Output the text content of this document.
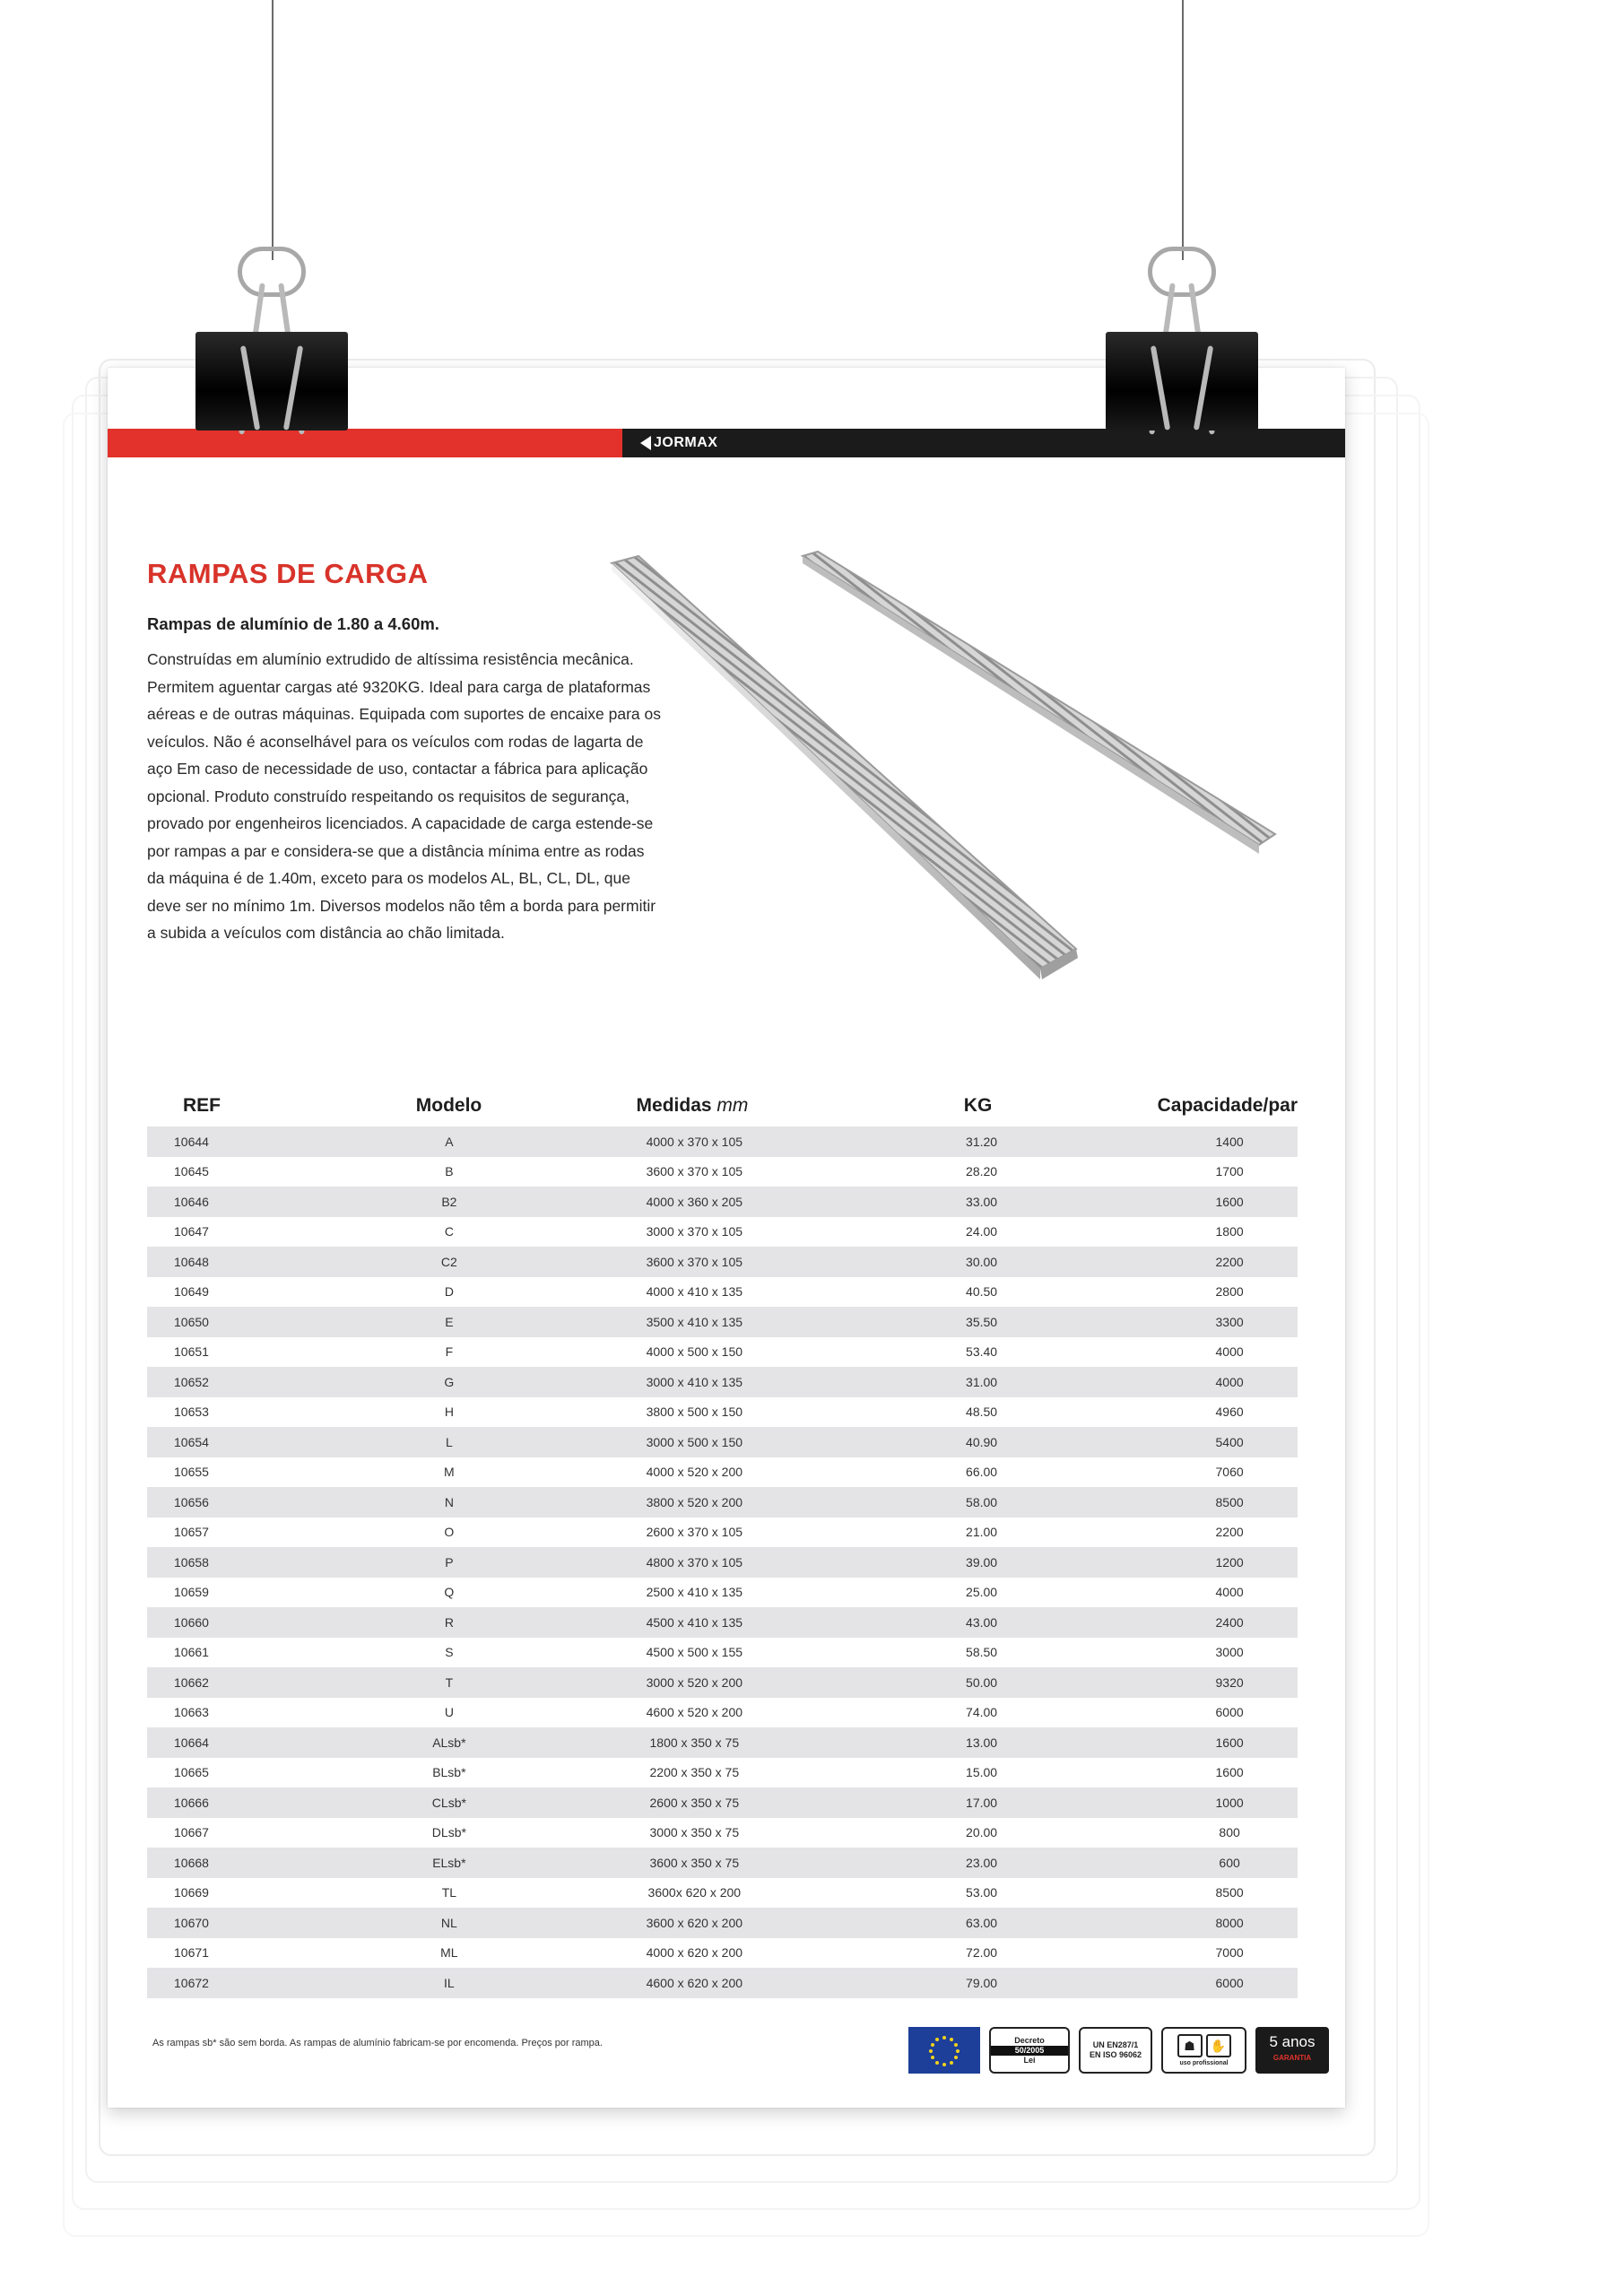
JORMAX
RAMPAS DE CARGA
Rampas de alumínio de 1.80 a 4.60m.

Construídas em alumínio extrudido de altíssima resistência mecânica. Permitem aguentar cargas até 9320KG. Ideal para carga de plataformas aéreas e de outras máquinas. Equipada com suportes de encaixe para os veículos. Não é aconselhável para os veículos com rodas de lagarta de aço Em caso de necessidade de uso, contactar a fábrica para aplicação opcional. Produto construído respeitando os requisitos de segurança, provado por engenheiros licenciados. A capacidade de carga estende-se por rampas a par e considera-se que a distância mínima entre as rodas da máquina é de 1.40m, exceto para os modelos AL, BL, CL, DL, que deve ser no mínimo 1m. Diversos modelos não têm a borda para permitir a subida a veículos com distância ao chão limitada.

REF	Modelo	Medidas mm	KG	Capacidade/par
10644	A	4000 x 370 x 105	31.20	1400
10645	B	3600 x 370 x 105	28.20	1700
10646	B2	4000 x 360 x 205	33.00	1600
10647	C	3000 x 370 x 105	24.00	1800
10648	C2	3600 x 370 x 105	30.00	2200
10649	D	4000 x 410 x 135	40.50	2800
10650	E	3500 x 410 x 135	35.50	3300
10651	F	4000 x 500 x 150	53.40	4000
10652	G	3000 x 410 x 135	31.00	4000
10653	H	3800 x 500 x 150	48.50	4960
10654	L	3000 x 500 x 150	40.90	5400
10655	M	4000 x 520 x 200	66.00	7060
10656	N	3800 x 520 x 200	58.00	8500
10657	O	2600 x 370 x 105	21.00	2200
10658	P	4800 x 370 x 105	39.00	1200
10659	Q	2500 x 410 x 135	25.00	4000
10660	R	4500 x 410 x 135	43.00	2400
10661	S	4500 x 500 x 155	58.50	3000
10662	T	3000 x 520 x 200	50.00	9320
10663	U	4600 x 520 x 200	74.00	6000
10664	ALsb*	1800 x 350 x 75	13.00	1600
10665	BLsb*	2200 x 350 x 75	15.00	1600
10666	CLsb*	2600 x 350 x 75	17.00	1000
10667	DLsb*	3000 x 350 x 75	20.00	800
10668	ELsb*	3600 x 350 x 75	23.00	600
10669	TL	3600x 620 x 200	53.00	8500
10670	NL	3600 x 620 x 200	63.00	8000
10671	ML	4000 x 620 x 200	72.00	7000
10672	IL	4600 x 620 x 200	79.00	6000
As rampas sb* são sem borda. As rampas de alumínio fabricam-se por encomenda. Preços por rampa.	Decreto
50/2005
Lei
UN EN287/1
EN ISO 96062
☗	✋
uso profissional
5 anos
GARANTIA
